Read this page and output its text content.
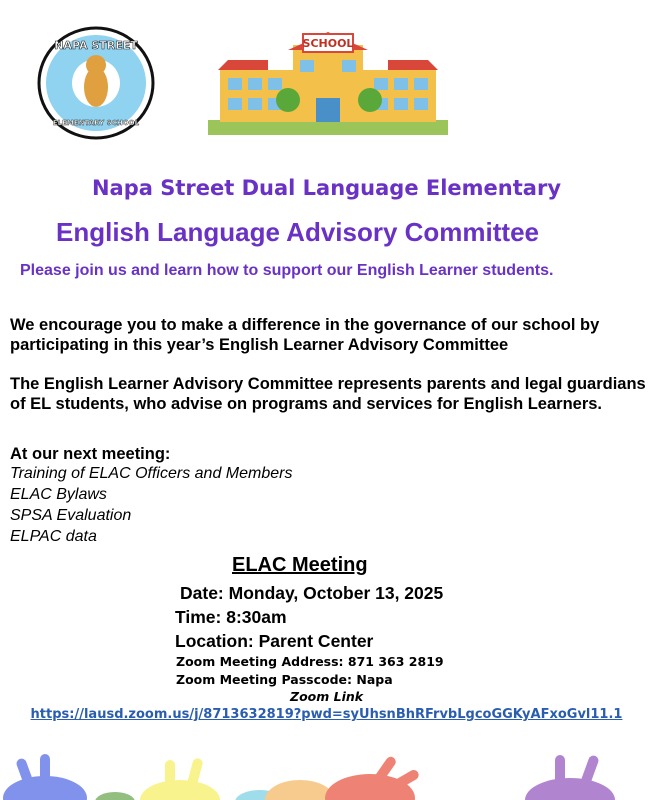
NAPA STREET
ELEMENTARY SCHOOL
SCHOOL
Napa Street Dual Language Elementary
English Language Advisory Committee
Please join us and learn how to support our English Learner students.
We encourage you to make a difference in the governance of our school by participating in this year’s English Learner Advisory Committee
The English Learner Advisory Committee represents parents and legal guardians of EL students, who advise on programs and services for English Learners.
At our next meeting:
Training of ELAC Officers and Members
ELAC Bylaws
SPSA Evaluation
ELPAC data
ELAC Meeting
Date: Monday, October 13, 2025
Time: 8:30am
Location: Parent Center
Zoom Meeting Address: 871 363 2819
Zoom Meeting Passcode: Napa
Zoom Link
https://lausd.zoom.us/j/8713632819?pwd=syUhsnBhRFrvbLgcoGGKyAFxoGvl11.1
